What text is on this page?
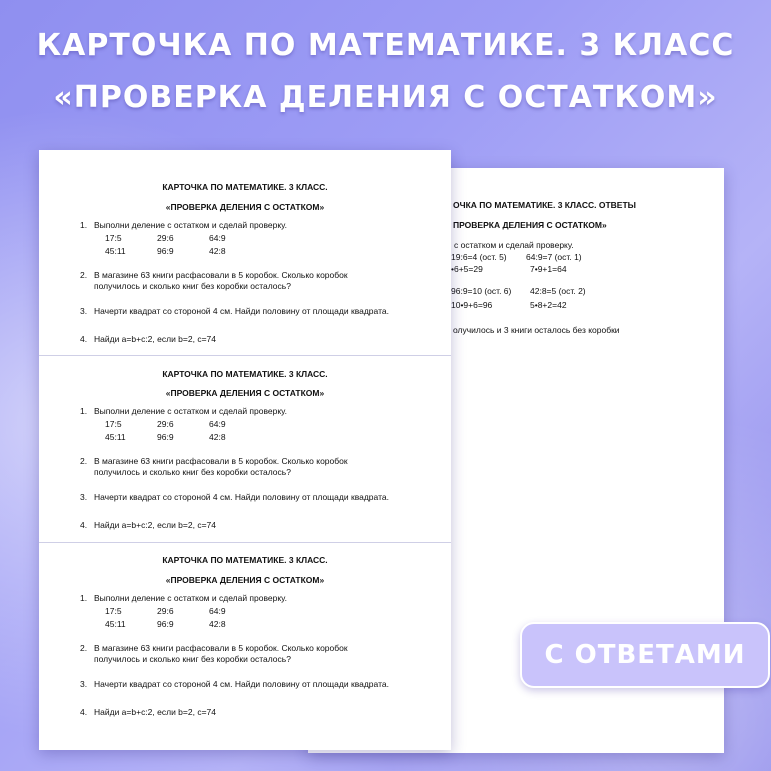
КАРТОЧКА ПО МАТЕМАТИКЕ. 3 КЛАСС
«ПРОВЕРКА ДЕЛЕНИЯ С ОСТАТКОМ»
ОЧКА ПО МАТЕМАТИКЕ. 3 КЛАСС. ОТВЕТЫ
ПРОВЕРКА ДЕЛЕНИЯ С ОСТАТКОМ»
с остатком и сделай проверку.
19:6=4 (ост. 5) 64:9=7 (ост. 1)
•6+5=29	7•9+1=64
96:9=10 (ост. 6) 42:8=5 (ост. 2)
10•9+6=96	5•8+2=42
олучилось и 3 книги осталось без коробки
КАРТОЧКА ПО МАТЕМАТИКЕ. 3 КЛАСС.
«ПРОВЕРКА ДЕЛЕНИЯ С ОСТАТКОМ»
1. Выполни деление с остатком и сделай проверку.
17:5	29:6	64:9
45:11	96:9	42:8
2. В магазине 63 книги расфасовали в 5 коробок. Сколько коробок
получилось и сколько книг без коробки осталось?
3. Начерти квадрат со стороной 4 см. Найди половину от площади квадрата.
4. Найди a=b+c:2, если b=2, c=74
КАРТОЧКА ПО МАТЕМАТИКЕ. 3 КЛАСС.
«ПРОВЕРКА ДЕЛЕНИЯ С ОСТАТКОМ»
1. Выполни деление с остатком и сделай проверку.
17:5	29:6	64:9
45:11	96:9	42:8
2. В магазине 63 книги расфасовали в 5 коробок. Сколько коробок
получилось и сколько книг без коробки осталось?
3. Начерти квадрат со стороной 4 см. Найди половину от площади квадрата.
4. Найди a=b+c:2, если b=2, c=74
КАРТОЧКА ПО МАТЕМАТИКЕ. 3 КЛАСС.
«ПРОВЕРКА ДЕЛЕНИЯ С ОСТАТКОМ»
1. Выполни деление с остатком и сделай проверку.
17:5	29:6	64:9
45:11	96:9	42:8
2. В магазине 63 книги расфасовали в 5 коробок. Сколько коробок
получилось и сколько книг без коробки осталось?
3. Начерти квадрат со стороной 4 см. Найди половину от площади квадрата.
4. Найди a=b+c:2, если b=2, c=74
С ОТВЕТАМИ
